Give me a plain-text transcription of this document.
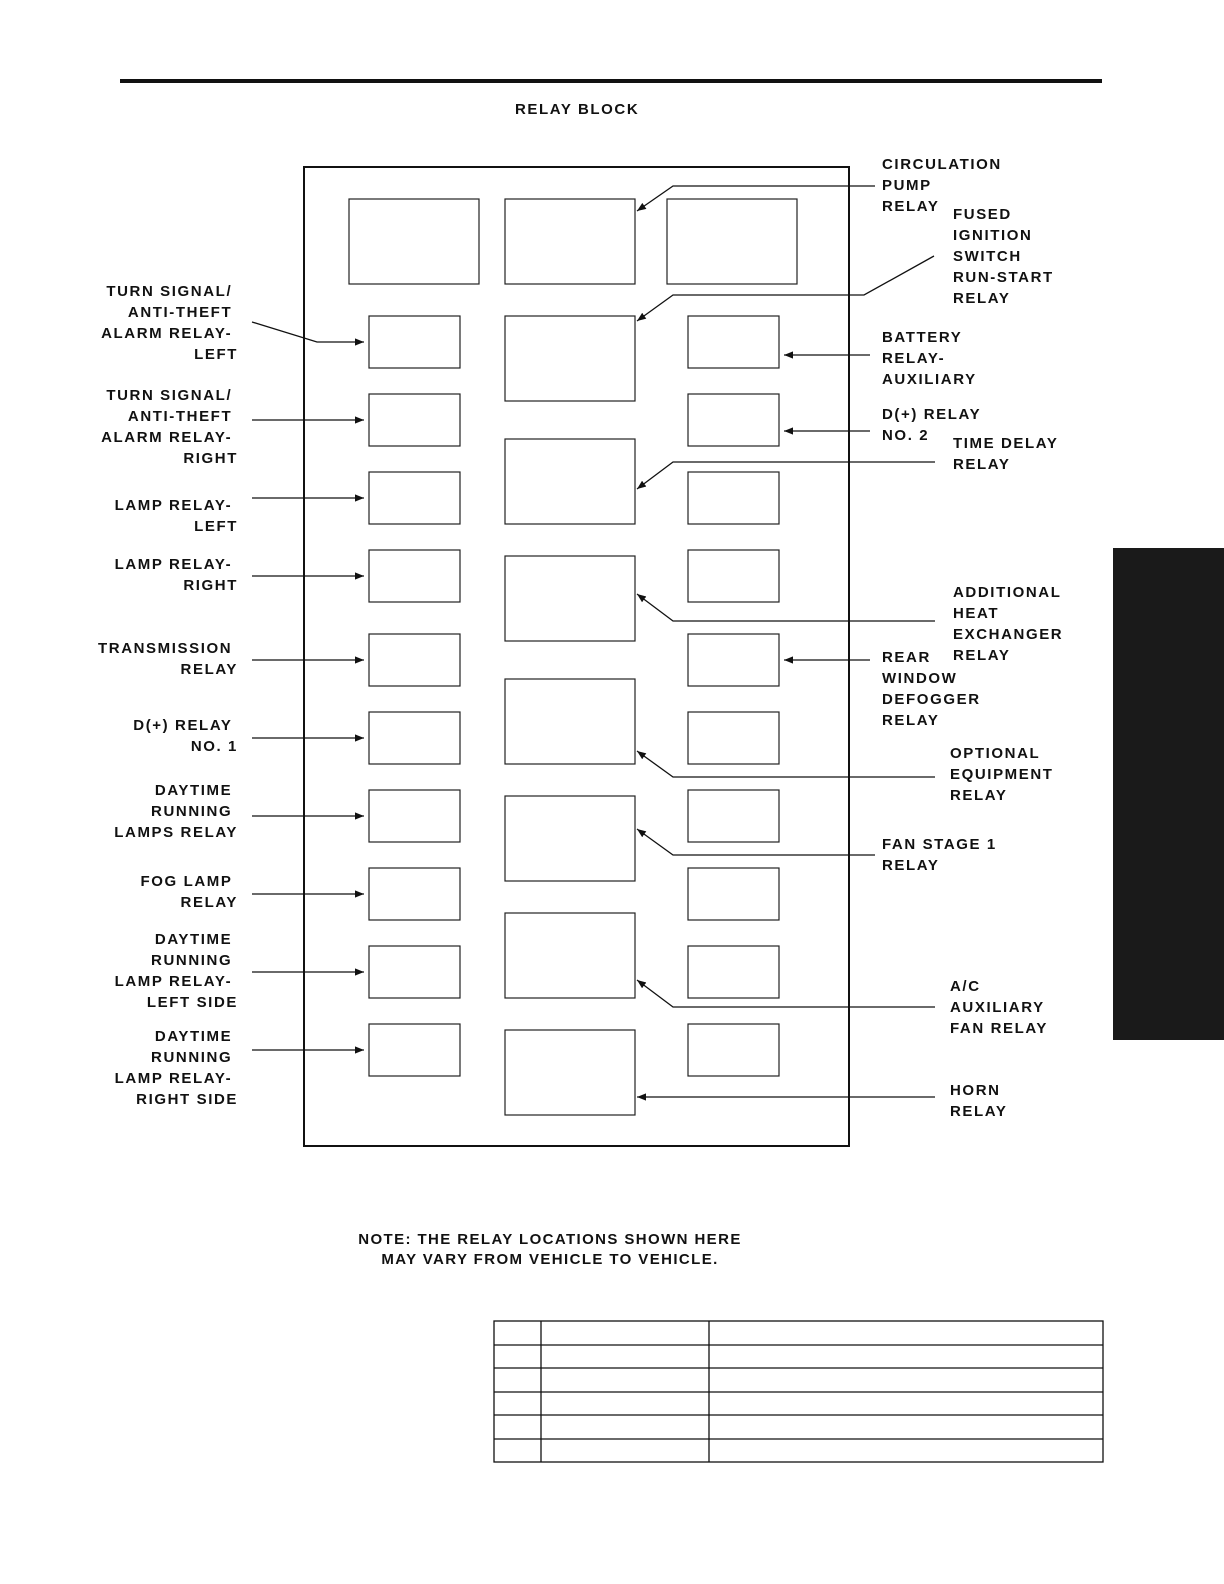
RELAY BLOCK
TURN SIGNAL/ ANTI-THEFT ALARM RELAY- LEFT
TURN SIGNAL/ ANTI-THEFT ALARM RELAY- RIGHT
LAMP RELAY- LEFT
LAMP RELAY- RIGHT
TRANSMISSION RELAY
D(+) RELAY NO. 1
DAYTIME RUNNING LAMPS RELAY
FOG LAMP RELAY
DAYTIME RUNNING LAMP RELAY- LEFT SIDE
DAYTIME RUNNING LAMP RELAY- RIGHT SIDE
CIRCULATION PUMP RELAY FUSED IGNITION SWITCH RUN-START RELAY
BATTERY RELAY- AUXILIARY
D(+) RELAY NO. 2	TIME DELAY RELAY
ADDITIONAL HEAT EXCHANGER RELAY
REAR WINDOW DEFOGGER RELAY
OPTIONAL EQUIPMENT RELAY
FAN STAGE 1 RELAY
A/C AUXILIARY FAN RELAY
HORN RELAY
NOTE: THE RELAY LOCATIONS SHOWN HERE
MAY VARY FROM VEHICLE TO VEHICLE.
